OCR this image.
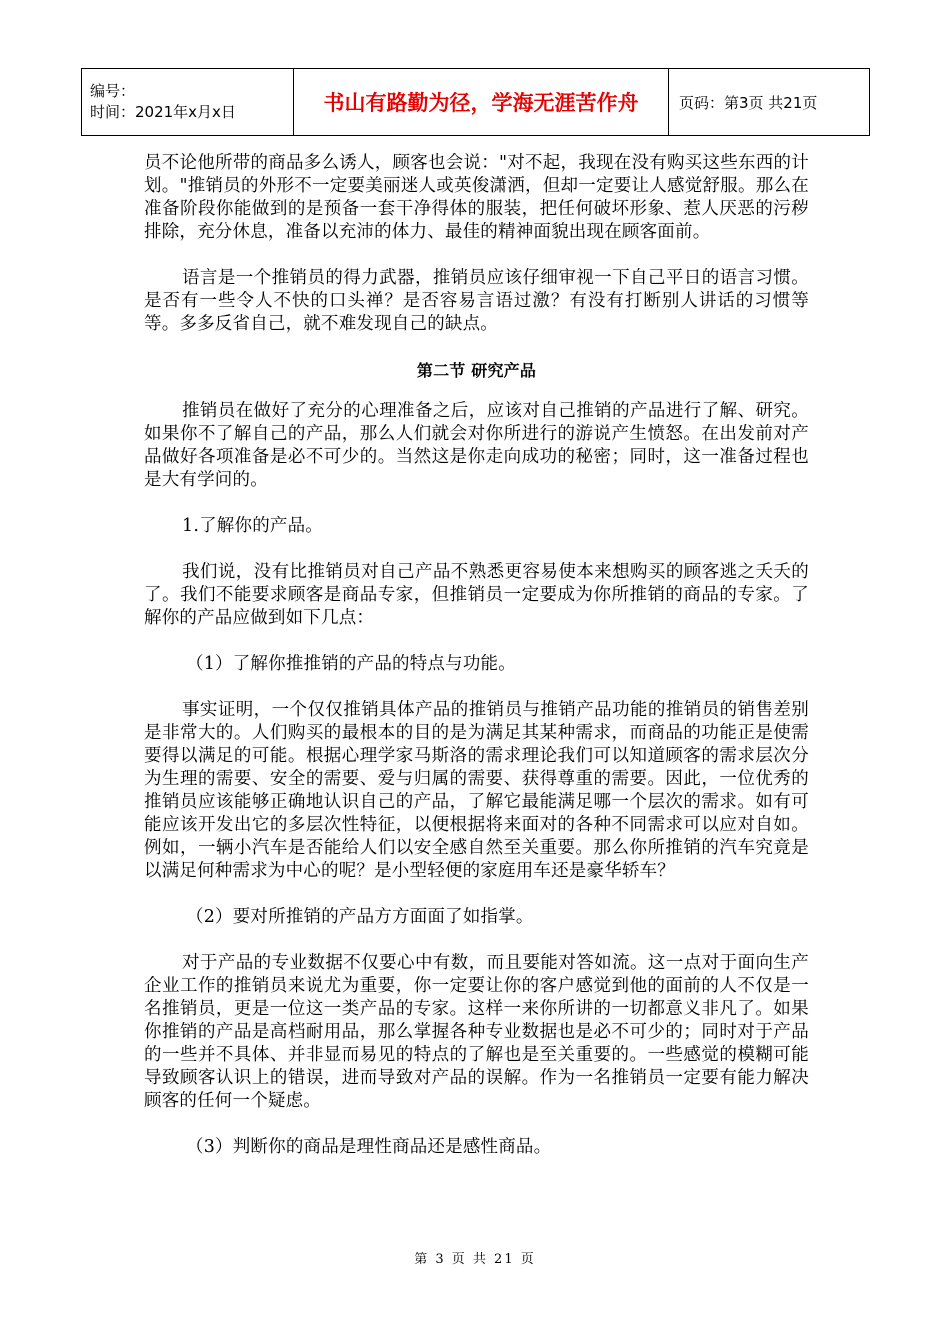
编号：
时间：2021年x月x日	书山有路勤为径，学海无涯苦作舟	页码：第3页 共21页

员不论他所带的商品多么诱人，顾客也会说："对不起，我现在没有购买这些东西的计划。"推销员的外形不一定要美丽迷人或英俊潇洒，但却一定要让人感觉舒服。那么在准备阶段你能做到的是预备一套干净得体的服装，把任何破坏形象、惹人厌恶的污秽排除，充分休息，准备以充沛的体力、最佳的精神面貌出现在顾客面前。

语言是一个推销员的得力武器，推销员应该仔细审视一下自己平日的语言习惯。是否有一些令人不快的口头禅？是否容易言语过激？有没有打断别人讲话的习惯等等。多多反省自己，就不难发现自己的缺点。

第二节 研究产品

推销员在做好了充分的心理准备之后，应该对自己推销的产品进行了解、研究。如果你不了解自己的产品，那么人们就会对你所进行的游说产生愤怒。在出发前对产品做好各项准备是必不可少的。当然这是你走向成功的秘密；同时，这一准备过程也是大有学问的。

1.了解你的产品。

我们说，没有比推销员对自己产品不熟悉更容易使本来想购买的顾客逃之夭夭的了。我们不能要求顾客是商品专家，但推销员一定要成为你所推销的商品的专家。了解你的产品应做到如下几点：

（1）了解你推推销的产品的特点与功能。

事实证明，一个仅仅推销具体产品的推销员与推销产品功能的推销员的销售差别是非常大的。人们购买的最根本的目的是为满足其某种需求，而商品的功能正是使需要得以满足的可能。根据心理学家马斯洛的需求理论我们可以知道顾客的需求层次分为生理的需要、安全的需要、爱与归属的需要、获得尊重的需要。因此，一位优秀的推销员应该能够正确地认识自己的产品，了解它最能满足哪一个层次的需求。如有可能应该开发出它的多层次性特征，以便根据将来面对的各种不同需求可以应对自如。例如，一辆小汽车是否能给人们以安全感自然至关重要。那么你所推销的汽车究竟是以满足何种需求为中心的呢？是小型轻便的家庭用车还是豪华轿车？

（2）要对所推销的产品方方面面了如指掌。

对于产品的专业数据不仅要心中有数，而且要能对答如流。这一点对于面向生产企业工作的推销员来说尤为重要，你一定要让你的客户感觉到他的面前的人不仅是一名推销员，更是一位这一类产品的专家。这样一来你所讲的一切都意义非凡了。如果你推销的产品是高档耐用品，那么掌握各种专业数据也是必不可少的；同时对于产品的一些并不具体、并非显而易见的特点的了解也是至关重要的。一些感觉的模糊可能导致顾客认识上的错误，进而导致对产品的误解。作为一名推销员一定要有能力解决顾客的任何一个疑虑。

（3）判断你的商品是理性商品还是感性商品。

第 3 页 共 21 页
